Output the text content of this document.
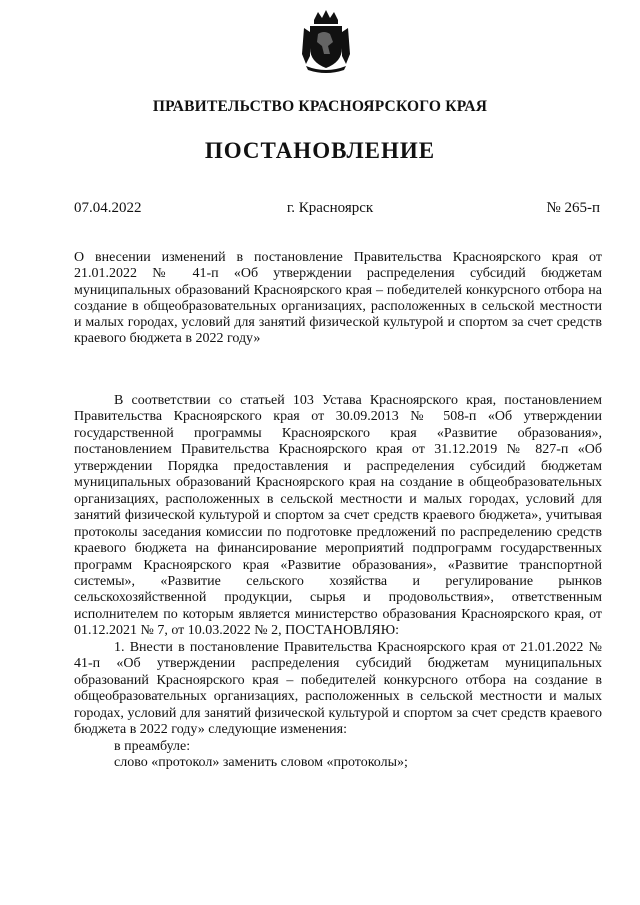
ПРАВИТЕЛЬСТВО КРАСНОЯРСКОГО КРАЯ
ПОСТАНОВЛЕНИЕ
07.04.2022	г. Красноярск	№ 265-п
О внесении изменений в постановление Правительства Красноярского края от 21.01.2022 № 41-п «Об утверждении распределения субсидий бюджетам муниципальных образований Красноярского края – победителей конкурсного отбора на создание в общеобразовательных организациях, расположенных в сельской местности и малых городах, условий для занятий физической культурой и спортом за счет средств краевого бюджета в 2022 году»

В соответствии со статьей 103 Устава Красноярского края, постановлением Правительства Красноярского края от 30.09.2013 № 508-п «Об утверждении государственной программы Красноярского края «Развитие образования», постановлением Правительства Красноярского края от 31.12.2019 № 827-п «Об утверждении Порядка предоставления и распределения субсидий бюджетам муниципальных образований Красноярского края на создание в общеобразовательных организациях, расположенных в сельской местности и малых городах, условий для занятий физической культурой и спортом за счет средств краевого бюджета», учитывая протоколы заседания комиссии по подготовке предложений по распределению средств краевого бюджета на финансирование мероприятий подпрограмм государственных программ Красноярского края «Развитие образования», «Развитие транспортной системы», «Развитие сельского хозяйства и регулирование рынков сельскохозяйственной продукции, сырья и продовольствия», ответственным исполнителем по которым является министерство образования Красноярского края, от 01.12.2021 № 7, от 10.03.2022 № 2, ПОСТАНОВЛЯЮ:

1. Внести в постановление Правительства Красноярского края от 21.01.2022 № 41-п «Об утверждении распределения субсидий бюджетам муниципальных образований Красноярского края – победителей конкурсного отбора на создание в общеобразовательных организациях, расположенных в сельской местности и малых городах, условий для занятий физической культурой и спортом за счет средств краевого бюджета в 2022 году» следующие изменения:

в преамбуле:

слово «протокол» заменить словом «протоколы»;
